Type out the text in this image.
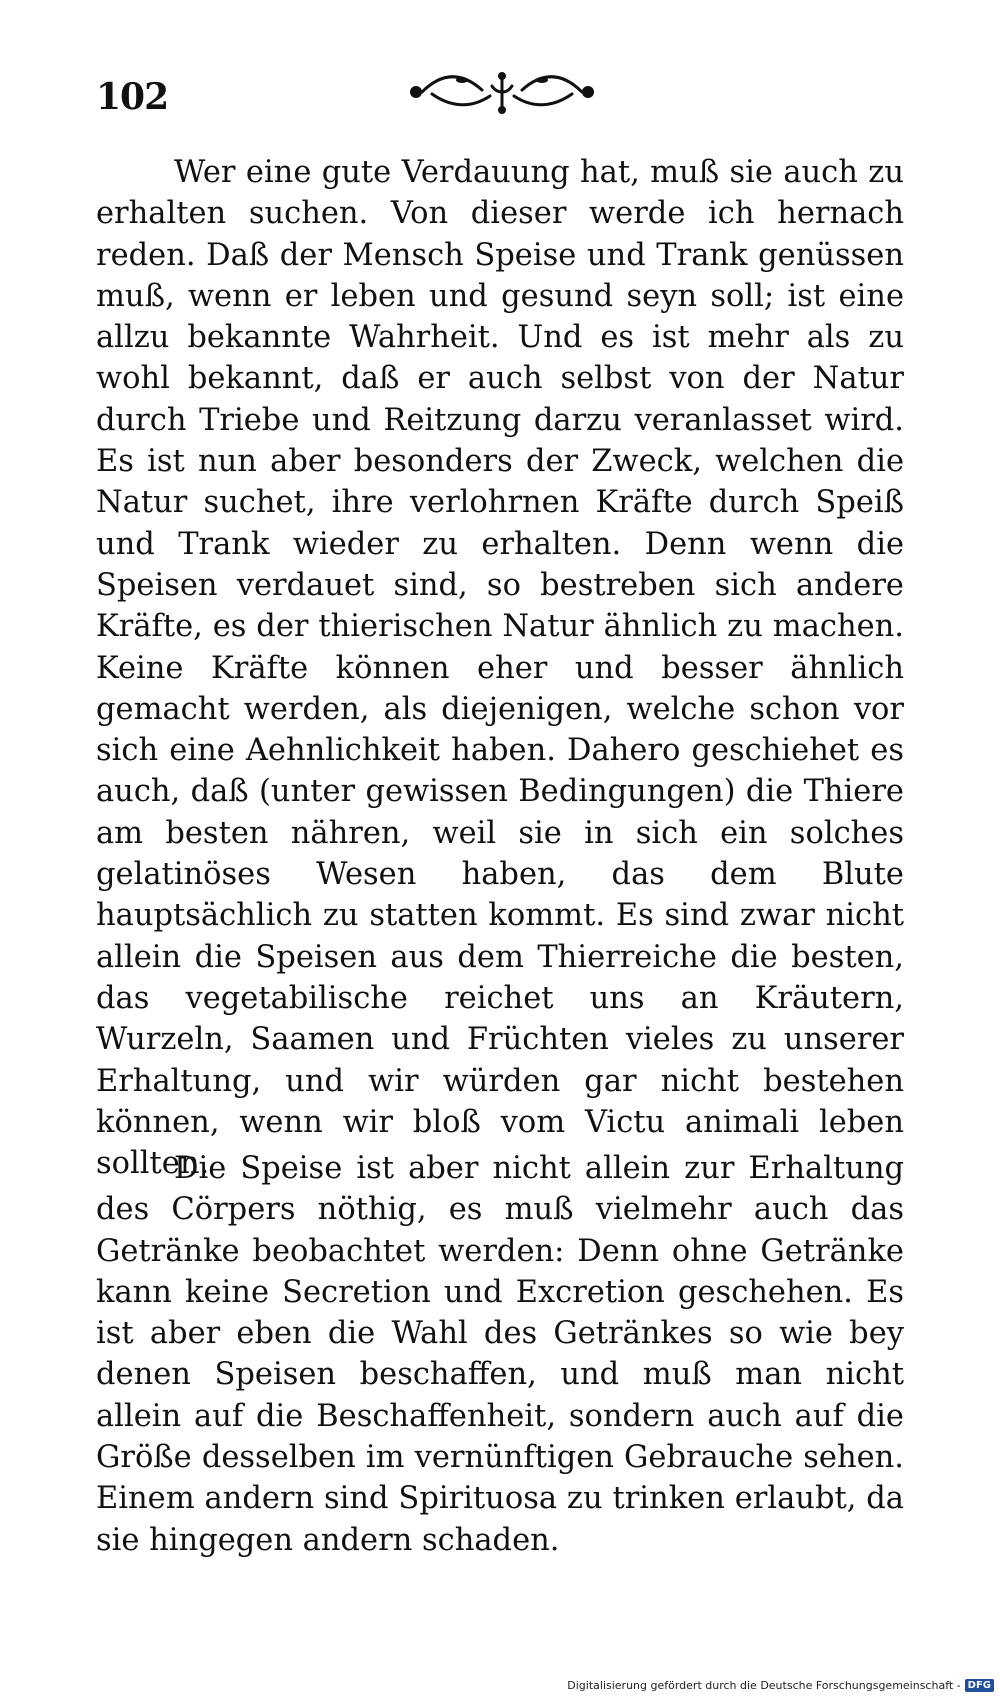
102

Wer eine gute Verdauung hat, muß sie auch zu erhalten suchen. Von dieser werde ich hernach reden. Daß der Mensch Speise und Trank genüssen muß, wenn er leben und gesund seyn soll; ist eine allzu bekannte Wahrheit. Und es ist mehr als zu wohl bekannt, daß er auch selbst von der Natur durch Triebe und Reitzung darzu veranlasset wird. Es ist nun aber besonders der Zweck, welchen die Natur suchet, ihre verlohrnen Kräfte durch Speiß und Trank wieder zu erhalten. Denn wenn die Speisen verdauet sind, so bestreben sich andere Kräfte, es der thierischen Natur ähnlich zu machen. Keine Kräfte können eher und besser ähnlich gemacht werden, als diejenigen, welche schon vor sich eine Aehnlichkeit haben. Dahero geschiehet es auch, daß (unter gewissen Bedingungen) die Thiere am besten nähren, weil sie in sich ein solches gelatinöses Wesen haben, das dem Blute hauptsächlich zu statten kommt. Es sind zwar nicht allein die Speisen aus dem Thierreiche die besten, das vegetabilische reichet uns an Kräutern, Wurzeln, Saamen und Früchten vieles zu unserer Erhaltung, und wir würden gar nicht bestehen können, wenn wir bloß vom Victu animali leben sollten.

Die Speise ist aber nicht allein zur Erhaltung des Cörpers nöthig, es muß vielmehr auch das Getränke beobachtet werden: Denn ohne Getränke kann keine Secretion und Excretion geschehen. Es ist aber eben die Wahl des Getränkes so wie bey denen Speisen beschaffen, und muß man nicht allein auf die Beschaffenheit, sondern auch auf die Größe desselben im vernünftigen Gebrauche sehen. Einem andern sind Spirituosa zu trinken erlaubt, da sie hingegen andern schaden.

Digitalisierung gefördert durch die Deutsche Forschungsgemeinschaft - DFG
